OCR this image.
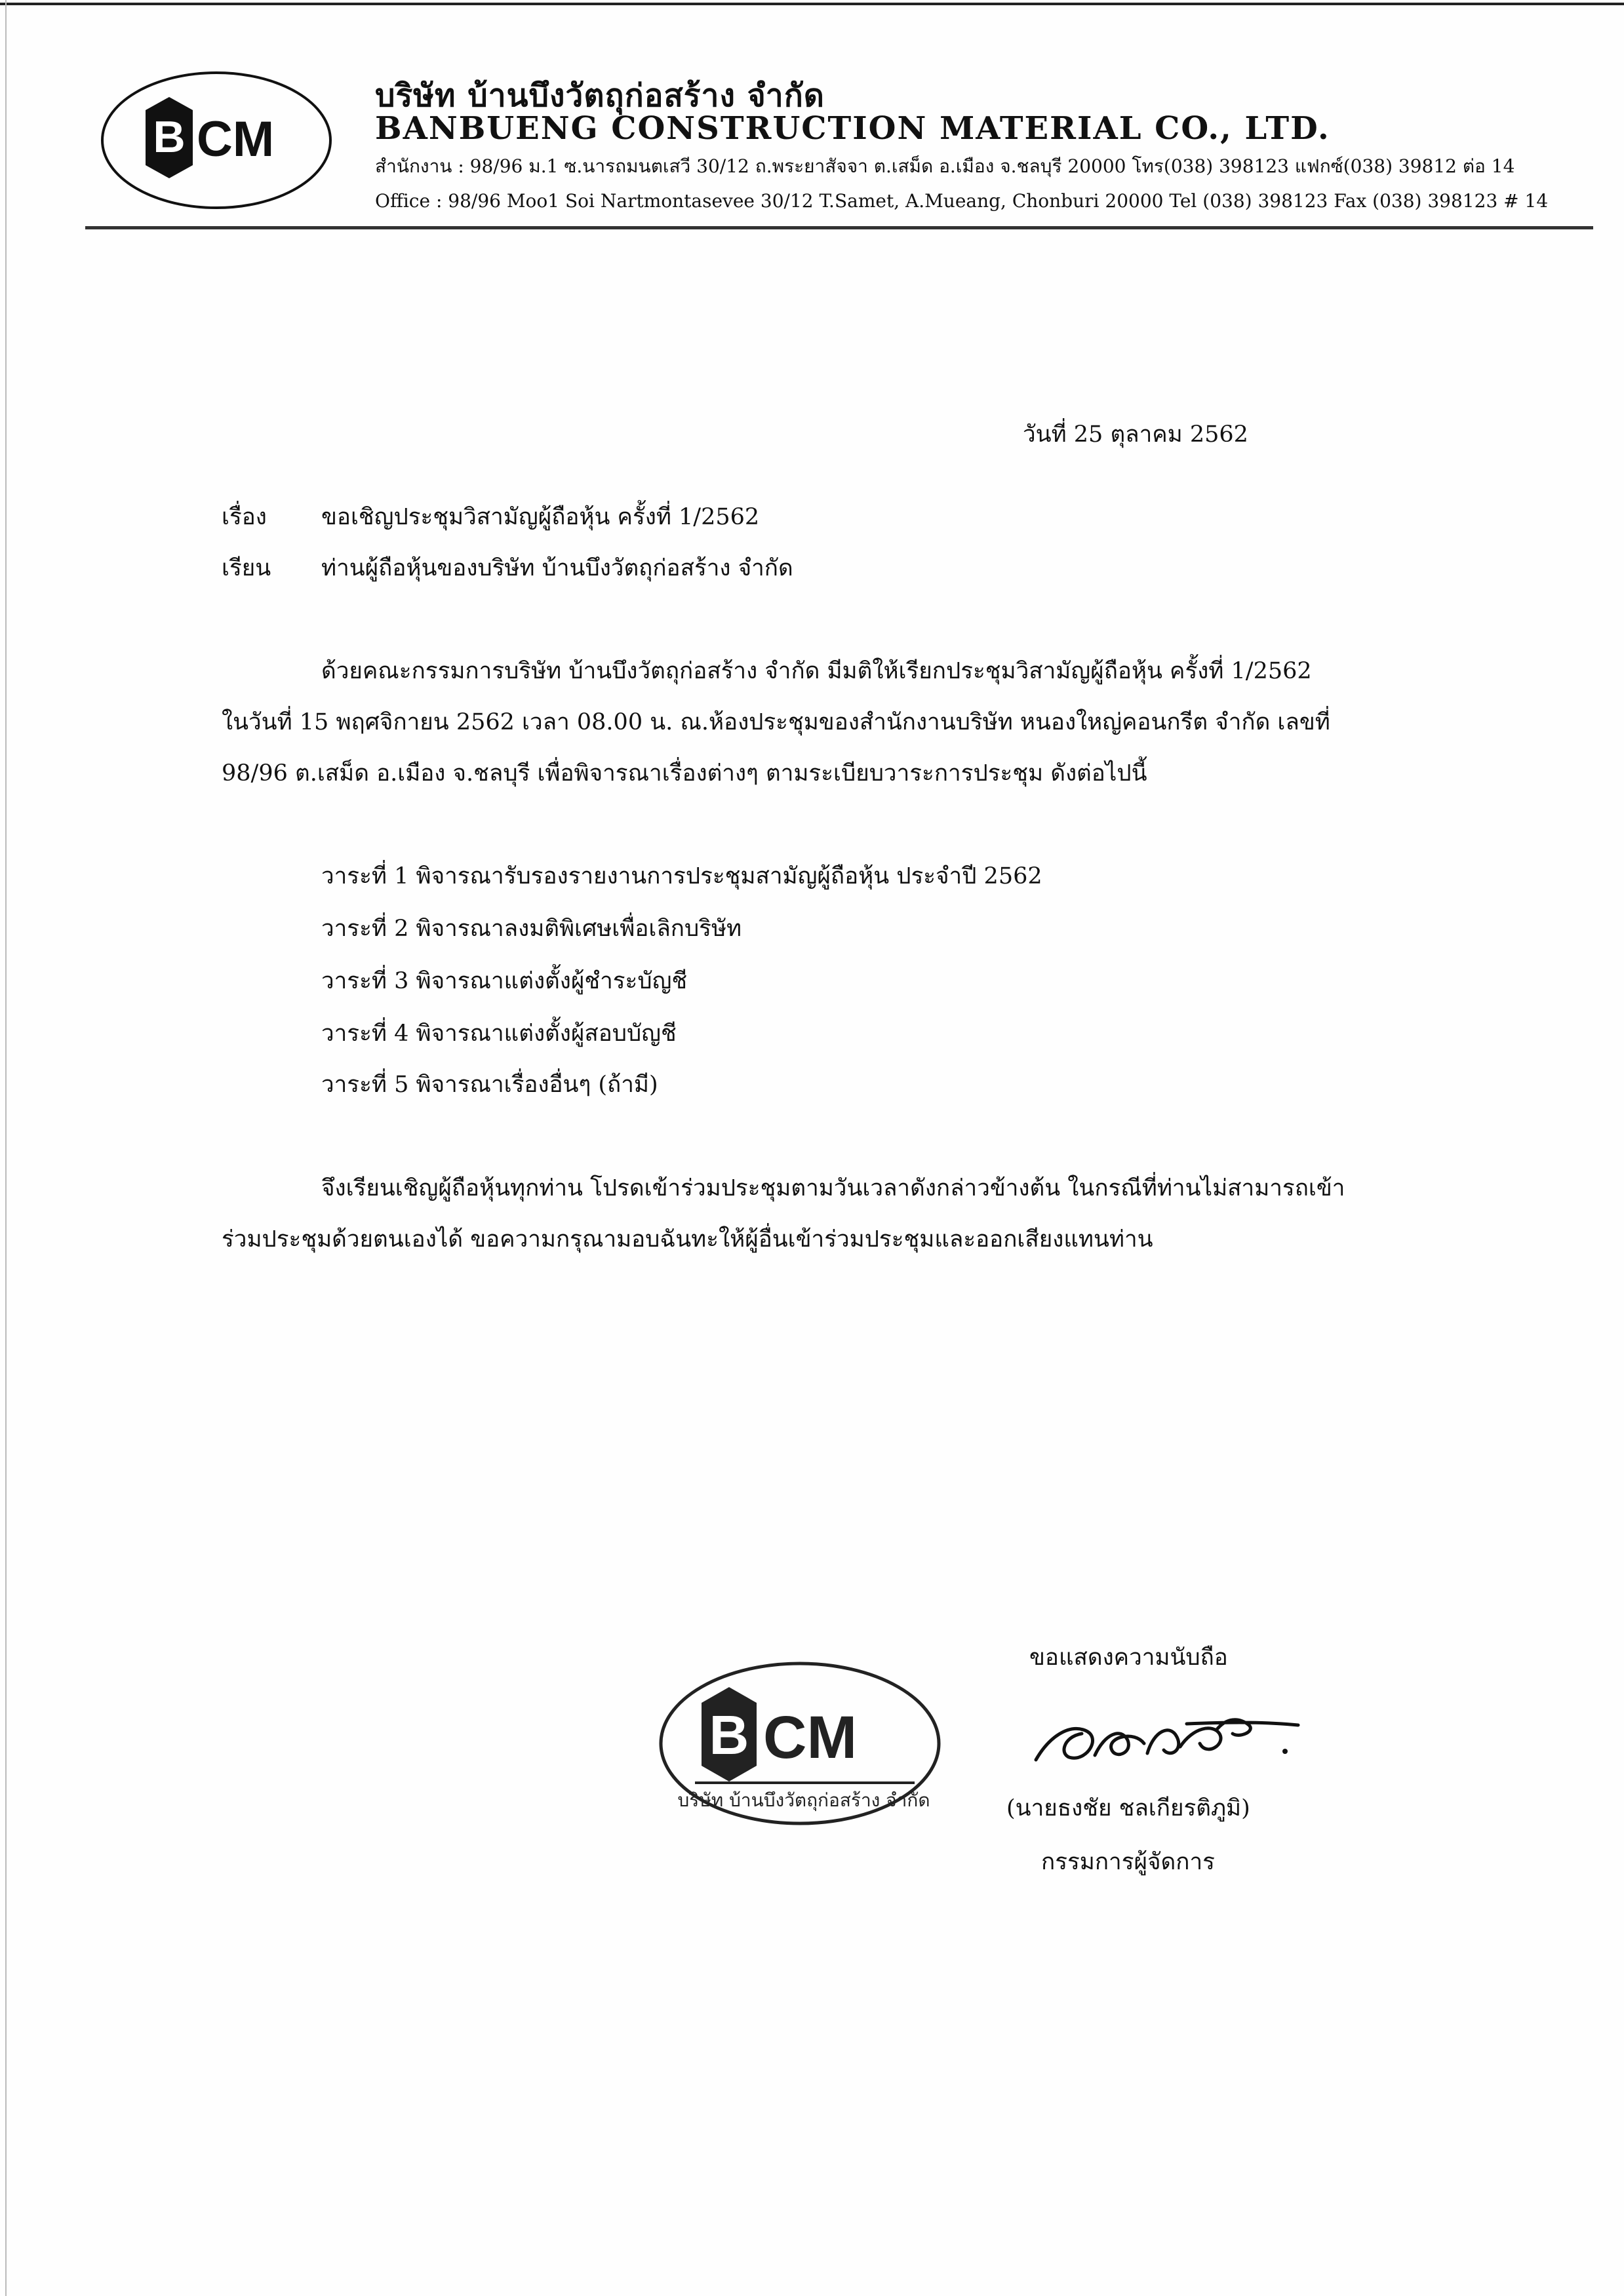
B CM
บริษัท บ้านบึงวัตถุก่อสร้าง จำกัด
BANBUENG CONSTRUCTION MATERIAL CO., LTD.
สำนักงาน : 98/96 ม.1 ซ.นารถมนตเสวี 30/12 ถ.พระยาสัจจา ต.เสม็ด อ.เมือง จ.ชลบุรี 20000 โทร(038) 398123 แฟกซ์(038) 39812 ต่อ 14
Office : 98/96 Moo1 Soi Nartmontasevee 30/12 T.Samet, A.Mueang, Chonburi 20000 Tel (038) 398123 Fax (038) 398123 # 14
วันที่ 25 ตุลาคม 2562
เรื่อง ขอเชิญประชุมวิสามัญผู้ถือหุ้น ครั้งที่ 1/2562
เรียน ท่านผู้ถือหุ้นของบริษัท บ้านบึงวัตถุก่อสร้าง จำกัด
ด้วยคณะกรรมการบริษัท บ้านบึงวัตถุก่อสร้าง จำกัด มีมติให้เรียกประชุมวิสามัญผู้ถือหุ้น ครั้งที่ 1/2562
ในวันที่ 15 พฤศจิกายน 2562 เวลา 08.00 น. ณ.ห้องประชุมของสำนักงานบริษัท หนองใหญ่คอนกรีต จำกัด เลขที่
98/96 ต.เสม็ด อ.เมือง จ.ชลบุรี เพื่อพิจารณาเรื่องต่างๆ ตามระเบียบวาระการประชุม ดังต่อไปนี้
วาระที่ 1 พิจารณารับรองรายงานการประชุมสามัญผู้ถือหุ้น ประจำปี 2562
วาระที่ 2 พิจารณาลงมติพิเศษเพื่อเลิกบริษัท
วาระที่ 3 พิจารณาแต่งตั้งผู้ชำระบัญชี
วาระที่ 4 พิจารณาแต่งตั้งผู้สอบบัญชี
วาระที่ 5 พิจารณาเรื่องอื่นๆ (ถ้ามี)
จึงเรียนเชิญผู้ถือหุ้นทุกท่าน โปรดเข้าร่วมประชุมตามวันเวลาดังกล่าวข้างต้น ในกรณีที่ท่านไม่สามารถเข้า
ร่วมประชุมด้วยตนเองได้ ขอความกรุณามอบฉันทะให้ผู้อื่นเข้าร่วมประชุมและออกเสียงแทนท่าน
B CM
บริษัท บ้านบึงวัตถุก่อสร้าง จำกัด
ขอแสดงความนับถือ
(นายธงชัย ชลเกียรติภูมิ)
กรรมการผู้จัดการ
